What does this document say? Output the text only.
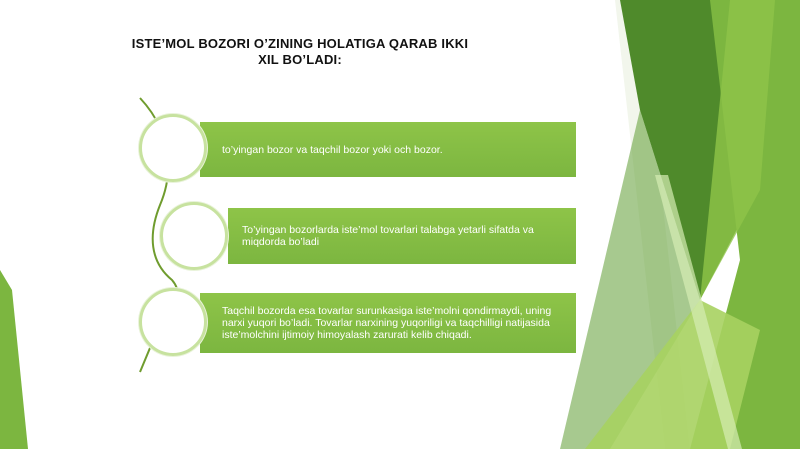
ISTE’MOL BOZORI O’ZINING HOLATIGA QARAB IKKI XIL BO’LADI:
to’yingan bozor va taqchil bozor yoki och bozor.
To’yingan bozorlarda iste’mol tovarlari talabga yetarli sifatda va miqdorda bo’ladi
Taqchil bozorda esa tovarlar surunkasiga iste’molni qondirmaydi, uning narxi yuqori bo’ladi. Tovarlar narxining yuqoriligi va taqchilligi natijasida iste’molchini ijtimoiy himoyalash zarurati kelib chiqadi.
